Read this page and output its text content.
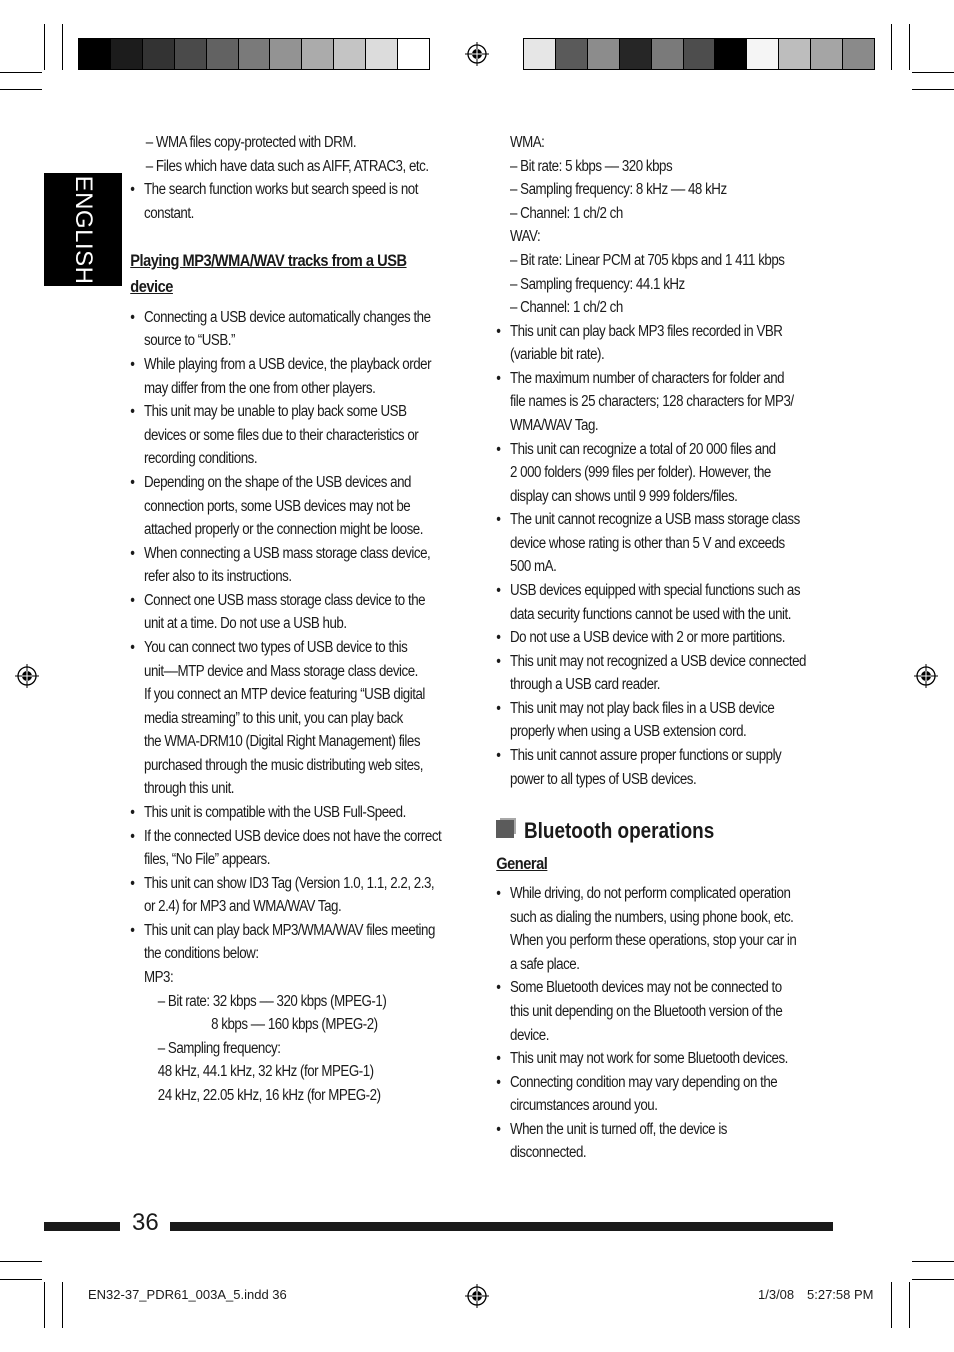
ENGLISH
– WMA files copy-protected with DRM.
– Files which have data such as AIFF, ATRAC3, etc.
• The search function works but search speed is not
constant.
Playing MP3/WMA/WAV tracks from a USB
device
• Connecting a USB device automatically changes the
source to “USB.”
• While playing from a USB device, the playback order
may differ from the one from other players.
• This unit may be unable to play back some USB
devices or some files due to their characteristics or
recording conditions.
• Depending on the shape of the USB devices and
connection ports, some USB devices may not be
attached properly or the connection might be loose.
• When connecting a USB mass storage class device,
refer also to its instructions.
• Connect one USB mass storage class device to the
unit at a time. Do not use a USB hub.
• You can connect two types of USB device to this
unit––MTP device and Mass storage class device.
If you connect an MTP device featuring “USB digital
media streaming” to this unit, you can play back
the WMA-DRM10 (Digital Right Management) files
purchased through the music distributing web sites,
through this unit.
• This unit is compatible with the USB Full-Speed.
• If the connected USB device does not have the correct
files, “No File” appears.
• This unit can show ID3 Tag (Version 1.0, 1.1, 2.2, 2.3,
or 2.4) for MP3 and WMA/WAV Tag.
• This unit can play back MP3/WMA/WAV files meeting
the conditions below:
MP3:
– Bit rate: 32 kbps –– 320 kbps (MPEG-1)
8 kbps –– 160 kbps (MPEG-2)
– Sampling frequency:
48 kHz, 44.1 kHz, 32 kHz (for MPEG-1)
24 kHz, 22.05 kHz, 16 kHz (for MPEG-2)
WMA:
– Bit rate: 5 kbps –– 320 kbps
– Sampling frequency: 8 kHz –– 48 kHz
– Channel: 1 ch/2 ch
WAV:
– Bit rate: Linear PCM at 705 kbps and 1 411 kbps
– Sampling frequency: 44.1 kHz
– Channel: 1 ch/2 ch
• This unit can play back MP3 files recorded in VBR
(variable bit rate).
• The maximum number of characters for folder and
file names is 25 characters; 128 characters for MP3/
WMA/WAV Tag.
• This unit can recognize a total of 20 000 files and
2 000 folders (999 files per folder). However, the
display can shows until 9 999 folders/files.
• The unit cannot recognize a USB mass storage class
device whose rating is other than 5 V and exceeds
500 mA.
• USB devices equipped with special functions such as
data security functions cannot be used with the unit.
• Do not use a USB device with 2 or more partitions.
• This unit may not recognized a USB device connected
through a USB card reader.
• This unit may not play back files in a USB device
properly when using a USB extension cord.
• This unit cannot assure proper functions or supply
power to all types of USB devices.
Bluetooth operations
General
• While driving, do not perform complicated operation
such as dialing the numbers, using phone book, etc.
When you perform these operations, stop your car in
a safe place.
• Some Bluetooth devices may not be connected to
this unit depending on the Bluetooth version of the
device.
• This unit may not work for some Bluetooth devices.
• Connecting condition may vary depending on the
circumstances around you.
• When the unit is turned off, the device is
disconnected.
36
EN32-37_PDR61_003A_5.indd 36	1/3/08 5:27:58 PM
